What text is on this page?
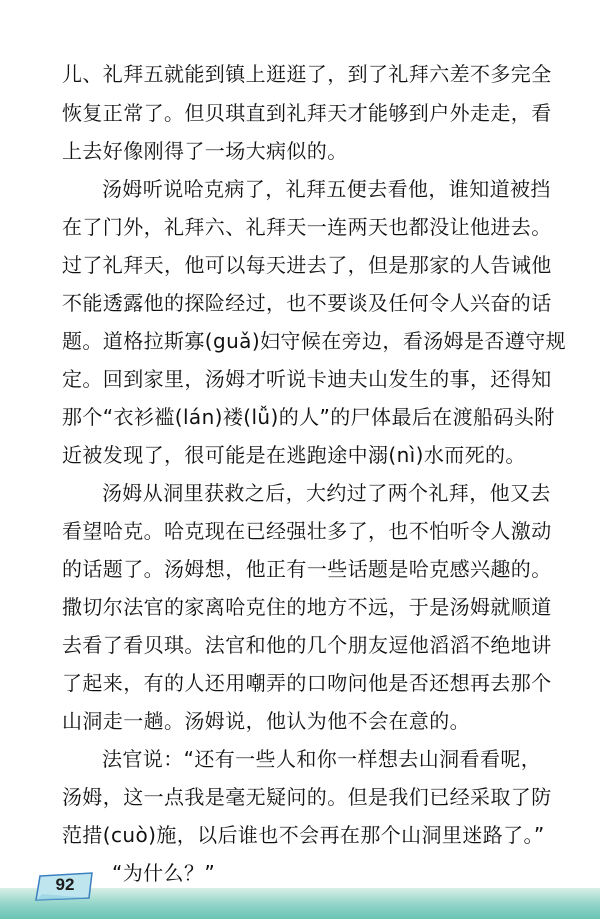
儿、礼拜五就能到镇上逛逛了，到了礼拜六差不多完全
恢复正常了。但贝琪直到礼拜天才能够到户外走走，看
上去好像刚得了一场大病似的。
汤姆听说哈克病了，礼拜五便去看他，谁知道被挡
在了门外，礼拜六、礼拜天一连两天也都没让他进去。
过了礼拜天，他可以每天进去了，但是那家的人告诫他
不能透露他的探险经过，也不要谈及任何令人兴奋的话
题。道格拉斯寡(guǎ)妇守候在旁边，看汤姆是否遵守规
定。回到家里，汤姆才听说卡迪夫山发生的事，还得知
那个“衣衫褴(lán)褛(lǚ)的人”的尸体最后在渡船码头附
近被发现了，很可能是在逃跑途中溺(nì)水而死的。
汤姆从洞里获救之后，大约过了两个礼拜，他又去
看望哈克。哈克现在已经强壮多了，也不怕听令人激动
的话题了。汤姆想，他正有一些话题是哈克感兴趣的。
撒切尔法官的家离哈克住的地方不远，于是汤姆就顺道
去看了看贝琪。法官和他的几个朋友逗他滔滔不绝地讲
了起来，有的人还用嘲弄的口吻问他是否还想再去那个
山洞走一趟。汤姆说，他认为他不会在意的。
法官说：“还有一些人和你一样想去山洞看看呢，
汤姆，这一点我是毫无疑问的。但是我们已经采取了防
范措(cuò)施，以后谁也不会再在那个山洞里迷路了。”
“为什么？”
92
